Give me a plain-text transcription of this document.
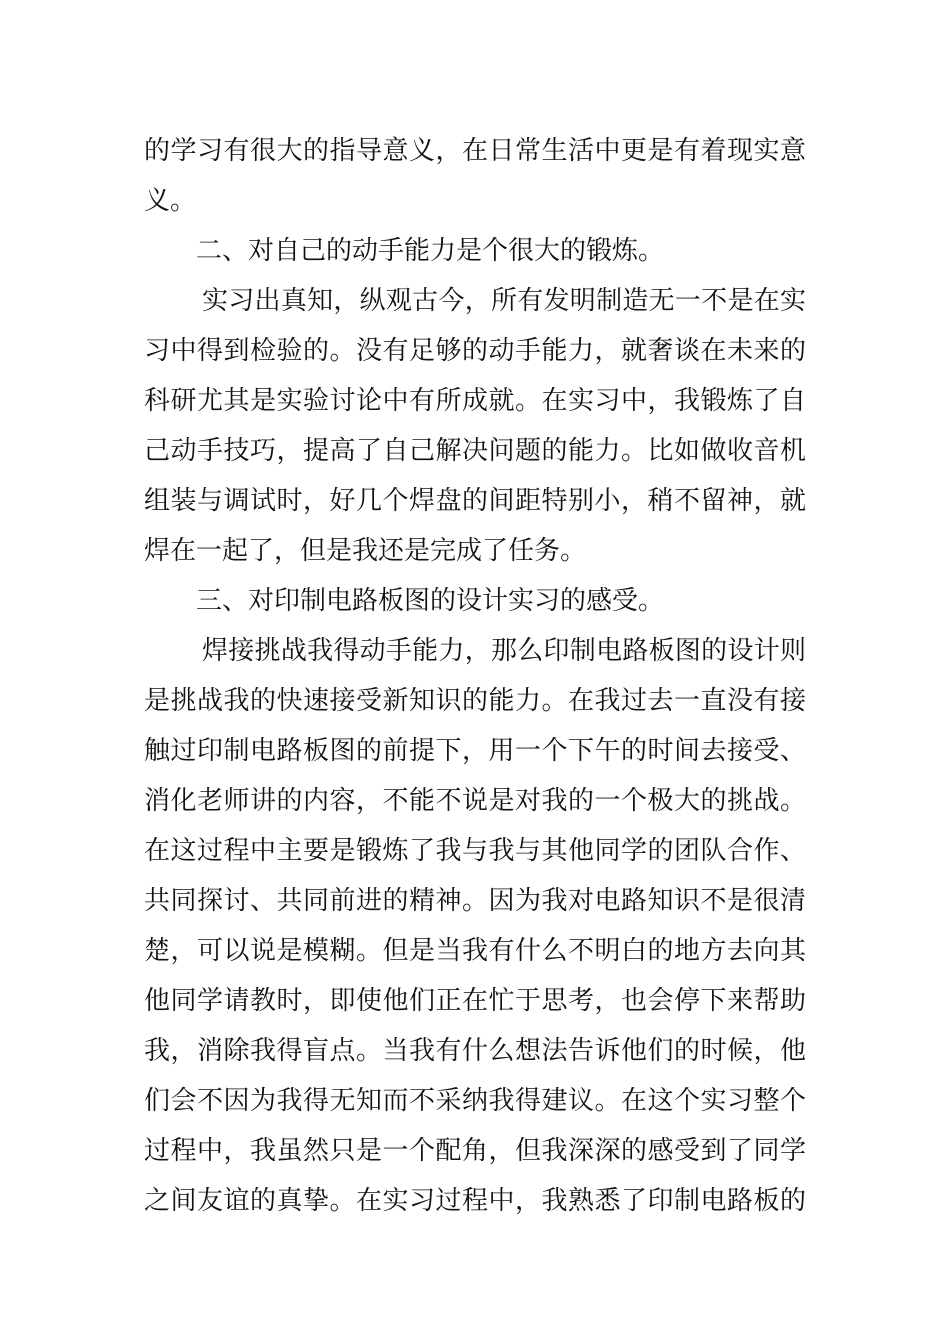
的学习有很大的指导意义，在日常生活中更是有着现实意
义。
二、对自己的动手能力是个很大的锻炼。
实习出真知，纵观古今，所有发明制造无一不是在实
习中得到检验的。没有足够的动手能力，就奢谈在未来的
科研尤其是实验讨论中有所成就。在实习中，我锻炼了自
己动手技巧，提高了自己解决问题的能力。比如做收音机
组装与调试时，好几个焊盘的间距特别小，稍不留神，就
焊在一起了，但是我还是完成了任务。
三、对印制电路板图的设计实习的感受。
焊接挑战我得动手能力，那么印制电路板图的设计则
是挑战我的快速接受新知识的能力。在我过去一直没有接
触过印制电路板图的前提下，用一个下午的时间去接受、
消化老师讲的内容，不能不说是对我的一个极大的挑战。
在这过程中主要是锻炼了我与我与其他同学的团队合作、
共同探讨、共同前进的精神。因为我对电路知识不是很清
楚，可以说是模糊。但是当我有什么不明白的地方去向其
他同学请教时，即使他们正在忙于思考，也会停下来帮助
我，消除我得盲点。当我有什么想法告诉他们的时候，他
们会不因为我得无知而不采纳我得建议。在这个实习整个
过程中，我虽然只是一个配角，但我深深的感受到了同学
之间友谊的真挚。在实习过程中，我熟悉了印制电路板的
